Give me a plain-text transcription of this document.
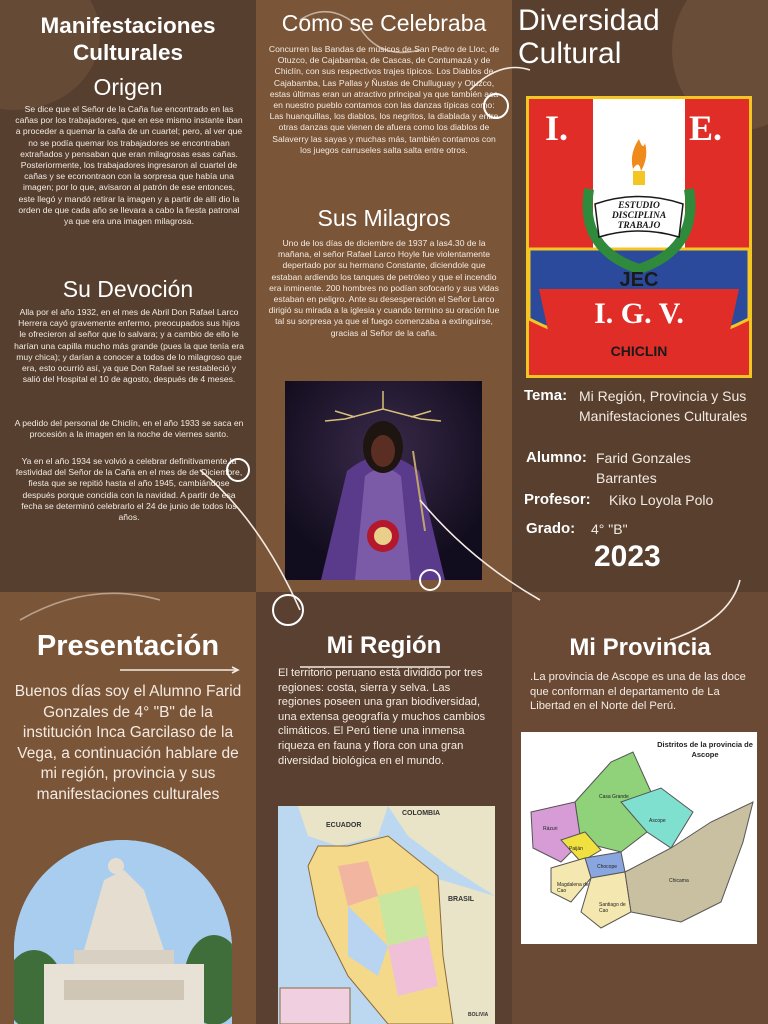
Manifestaciones Culturales
Origen

Se dice que el Señor de la Caña fue encontrado en las cañas por los trabajadores, que en ese mismo instante iban a proceder a quemar la caña de un cuartel; pero, al ver que no se podía quemar los trabajadores se encontraban extrañados y pensaban que eran milagrosas esas cañas. Posteriormente, los trabajadores ingresaron al cuartel de cañas y se econontraon con la sorpresa que había una imagen; por lo que, avisaron al patrón de ese entonces, este llegó y mandó retirar la imagen y a partir de allí dio la orden de que cada año se llevara a cabo la fiesta patronal ya que era una imagen milagrosa.

Su Devoción

Alla por el año 1932, en el mes de Abril Don Rafael Larco Herrera cayó gravemente enfermo, preocupados sus hijos le ofrecieron al señor que lo salvara; y a cambio de ello le harían una capilla mucho más grande (pues la que tenía era muy chica); y darían a conocer a todos de lo milagroso que era, esto ocurrió así, ya que Don Rafael se restableció y salió del Hospital el 10 de agosto, después de 4 meses.

A pedido del personal de Chiclín, en el año 1933 se saca en procesión a la imagen en la noche de viernes santo.

Ya en el año 1934 se volvió a celebrar definitivamente la festividad del Señor de la Caña en el mes de de Diciembre, fiesta que se repitió hasta el año 1945, cambiándose después porque concidia con la navidad. A partir de esa fecha se determinó celebrarlo el 24 de junio de todos los años.

Como se Celebraba

Concurren las Bandas de músicos de San Pedro de Lloc, de Otuzco, de Cajabamba, de Cascas, de Contumazá y de Chiclín, con sus respectivos trajes típicos. Los Diablos de Cajabamba, Las Pallas y Ñustas de Chulluguay y Otuzco, estas últimas eran un atractivo principal ya que también aca en nuestro pueblo contamos con las danzas típicas como: Las huanquillas, los diablos, los negritos, la diablada y entre otras danzas que vienen de afuera como los diablos de Salaverry las sayas y muchas más, también contamos con los juegos carruseles salta salta entre otros.

Sus Milagros

Uno de los días de diciembre de 1937 a las4.30 de la mañana, el señor Rafael Larco Hoyle fue violentamente depertado por su hermano Constante, diciendole que estaban ardiendo los tanques de petróleo y que el incendio era inminente. 200 hombres no podían sofocarlo y sus vidas estaban en peligro. Ante su desesperación el Señor Larco dirigió su mirada a la iglesia y cuando termino su oración fue tal su sorpresa ya que el fuego comenzaba a extinguirse, gracias al Señor de la caña.

Diversidad
Cultural
I.	E.
ESTUDIO
DISCIPLINA
TRABAJO
JEC
I. G. V.
CHICLIN
Tema: Mi Región, Provincia y Sus Manifestaciones Culturales
Alumno: Farid Gonzales Barrantes
Profesor: Kiko Loyola Polo
Grado: 4° "B"
2023
Presentación

Buenos días soy el Alumno Farid Gonzales de 4° "B" de la institución Inca Garcilaso de la Vega, a continuación hablare de mi región, provincia y sus manifestaciones culturales

Mi Región

El territorio peruano está dividido por tres regiones: costa, sierra y selva. Las regiones poseen una gran biodiversidad, una extensa geografía y muchos cambios climáticos. El Perú tiene una inmensa riqueza en fauna y flora con una gran diversidad biológica en el mundo.

ECUADOR
COLOMBIA
BRASIL
BOLIVIA
Mi Provincia

.La provincia de Ascope es una de las doce que conforman el departamento de La Libertad en el Norte del Perú.

Distritos de la provincia de
Ascope
Rázuri
Casa Grande
Paiján
Ascope
Chocope
Magdalena de Cao
Santiago de Cao
Chicama
